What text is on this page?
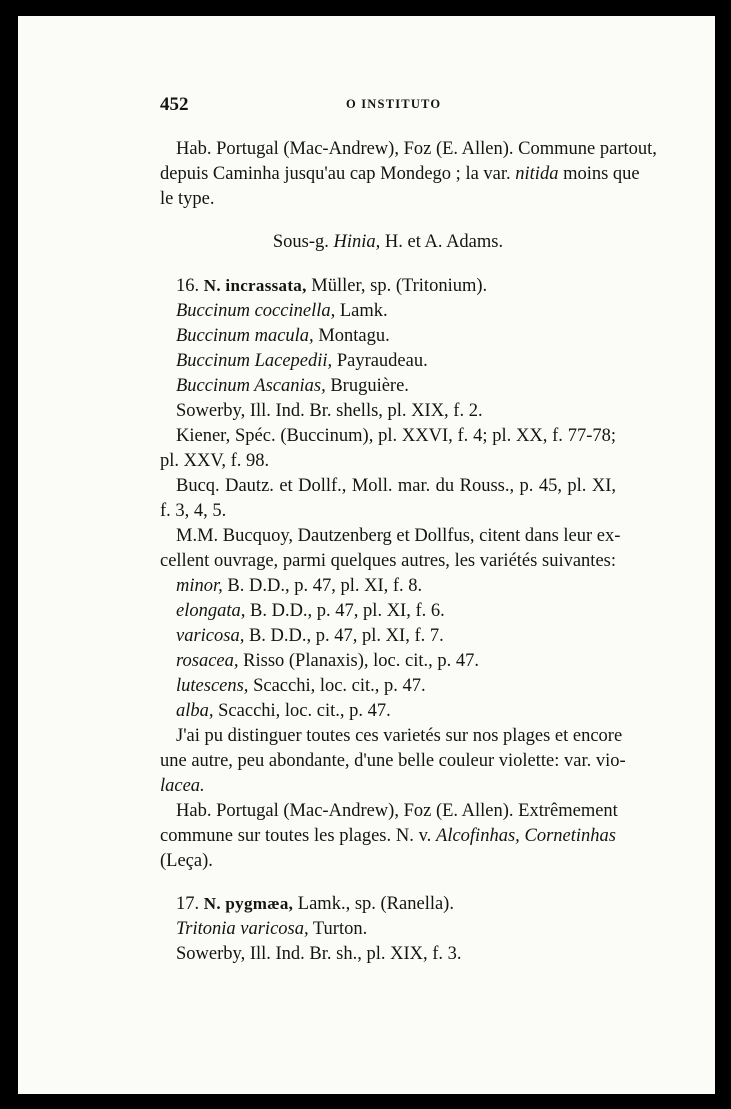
452	O INSTITUTO
Hab. Portugal (Mac-Andrew), Foz (E. Allen). Commune partout,
depuis Caminha jusqu'au cap Mondego ; la var. nitida moins que
le type.
Sous-g. Hinia, H. et A. Adams.
16. N. incrassata, Müller, sp. (Tritonium).
Buccinum coccinella, Lamk.
Buccinum macula, Montagu.
Buccinum Lacepedii, Payraudeau.
Buccinum Ascanias, Bruguière.
Sowerby, Ill. Ind. Br. shells, pl. XIX, f. 2.
Kiener, Spéc. (Buccinum), pl. XXVI, f. 4; pl. XX, f. 77-78;
pl. XXV, f. 98.
Bucq. Dautz. et Dollf., Moll. mar. du Rouss., p. 45, pl. XI,
f. 3, 4, 5.
M.M. Bucquoy, Dautzenberg et Dollfus, citent dans leur ex-
cellent ouvrage, parmi quelques autres, les variétés suivantes:
minor, B. D.D., p. 47, pl. XI, f. 8.
elongata, B. D.D., p. 47, pl. XI, f. 6.
varicosa, B. D.D., p. 47, pl. XI, f. 7.
rosacea, Risso (Planaxis), loc. cit., p. 47.
lutescens, Scacchi, loc. cit., p. 47.
alba, Scacchi, loc. cit., p. 47.
J'ai pu distinguer toutes ces varietés sur nos plages et encore
une autre, peu abondante, d'une belle couleur violette: var. vio-
lacea.
Hab. Portugal (Mac-Andrew), Foz (E. Allen). Extrêmement
commune sur toutes les plages. N. v. Alcofinhas, Cornetinhas
(Leça).
17. N. pygmæa, Lamk., sp. (Ranella).
Tritonia varicosa, Turton.
Sowerby, Ill. Ind. Br. sh., pl. XIX, f. 3.
